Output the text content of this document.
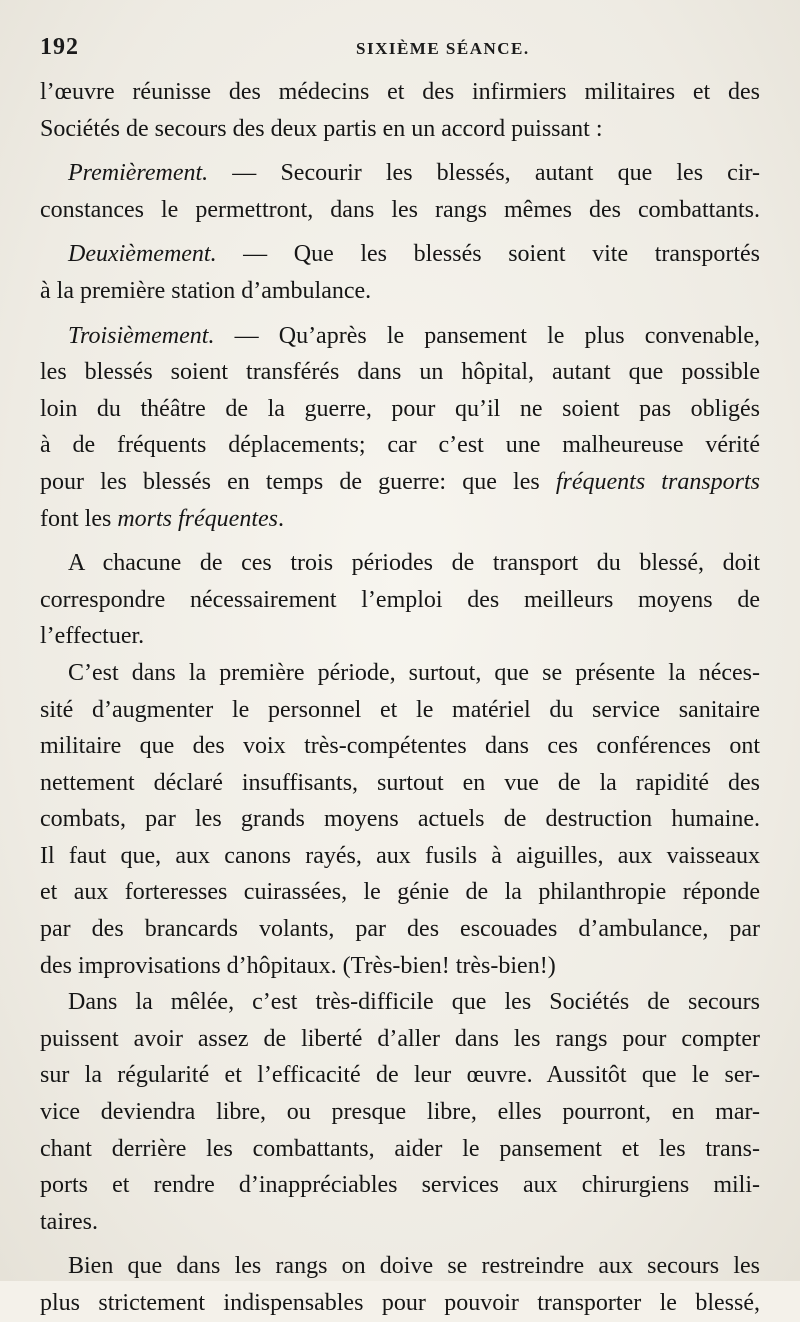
192	SIXIÈME SÉANCE.
l’œuvre réunisse des médecins et des infirmiers militaires et des
Sociétés de secours des deux partis en un accord puissant :
Premièrement. — Secourir les blessés, autant que les cir-
constances le permettront, dans les rangs mêmes des combattants.
Deuxièmement. — Que les blessés soient vite transportés
à la première station d’ambulance.
Troisièmement. — Qu’après le pansement le plus convenable,
les blessés soient transférés dans un hôpital, autant que possible
loin du théâtre de la guerre, pour qu’il ne soient pas obligés
à de fréquents déplacements; car c’est une malheureuse vérité
pour les blessés en temps de guerre: que les fréquents transports
font les morts fréquentes.
A chacune de ces trois périodes de transport du blessé, doit
correspondre nécessairement l’emploi des meilleurs moyens de
l’effectuer.
C’est dans la première période, surtout, que se présente la néces-
sité d’augmenter le personnel et le matériel du service sanitaire
militaire que des voix très-compétentes dans ces conférences ont
nettement déclaré insuffisants, surtout en vue de la rapidité des
combats, par les grands moyens actuels de destruction humaine.
Il faut que, aux canons rayés, aux fusils à aiguilles, aux vaisseaux
et aux forteresses cuirassées, le génie de la philanthropie réponde
par des brancards volants, par des escouades d’ambulance, par
des improvisations d’hôpitaux. (Très-bien! très-bien!)
Dans la mêlée, c’est très-difficile que les Sociétés de secours
puissent avoir assez de liberté d’aller dans les rangs pour compter
sur la régularité et l’efficacité de leur œuvre. Aussitôt que le ser-
vice deviendra libre, ou presque libre, elles pourront, en mar-
chant derrière les combattants, aider le pansement et les trans-
ports et rendre d’inappréciables services aux chirurgiens mili-
taires.
Bien que dans les rangs on doive se restreindre aux secours les
plus strictement indispensables pour pouvoir transporter le blessé,
